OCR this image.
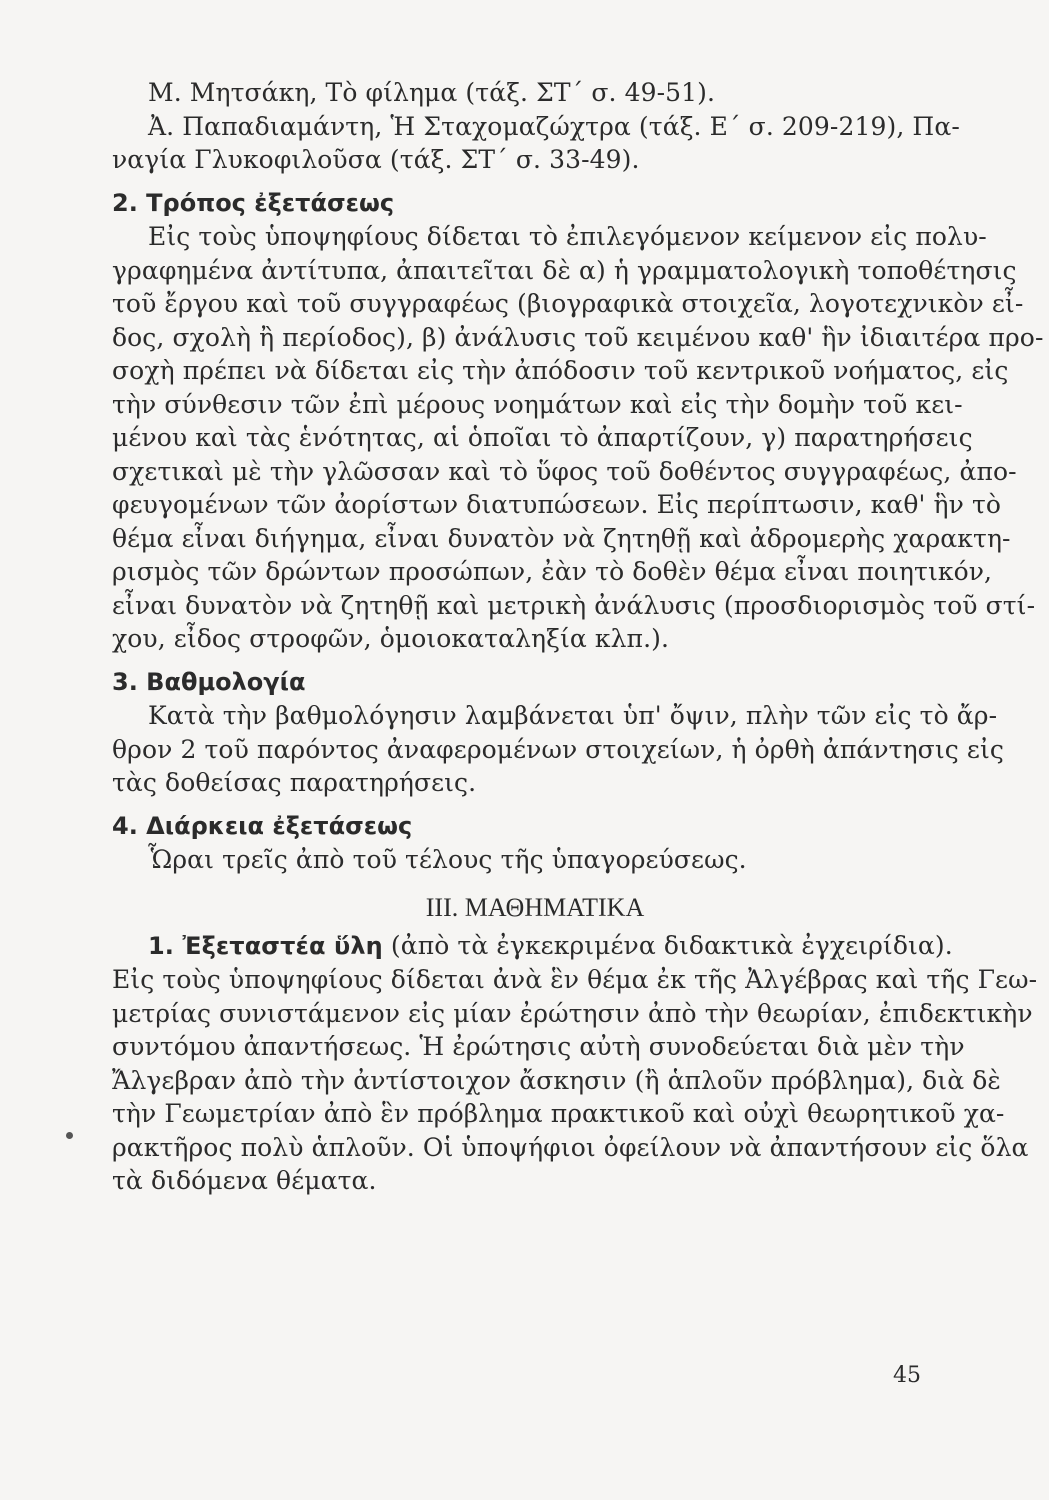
Μ. Μητσάκη, Τὸ φίλημα (τάξ. ΣΤ΄ σ. 49-51).
Ἀ. Παπαδιαμάντη, Ἡ Σταχομαζώχτρα (τάξ. Ε΄ σ. 209-219), Πα-
ναγία Γλυκοφιλοῦσα (τάξ. ΣΤ΄ σ. 33-49).
2. Τρόπος ἐξετάσεως
Εἰς τοὺς ὑποψηφίους δίδεται τὸ ἐπιλεγόμενον κείμενον εἰς πολυ-
γραφημένα ἀντίτυπα, ἀπαιτεῖται δὲ α) ἡ γραμματολογικὴ τοποθέτησις
τοῦ ἔργου καὶ τοῦ συγγραφέως (βιογραφικὰ στοιχεῖα, λογοτεχνικὸν εἶ-
δος, σχολὴ ἢ περίοδος), β) ἀνάλυσις τοῦ κειμένου καθ' ἣν ἰδιαιτέρα προ-
σοχὴ πρέπει νὰ δίδεται εἰς τὴν ἀπόδοσιν τοῦ κεντρικοῦ νοήματος, εἰς
τὴν σύνθεσιν τῶν ἐπὶ μέρους νοημάτων καὶ εἰς τὴν δομὴν τοῦ κει-
μένου καὶ τὰς ἑνότητας, αἱ ὁποῖαι τὸ ἀπαρτίζουν, γ) παρατηρήσεις
σχετικαὶ μὲ τὴν γλῶσσαν καὶ τὸ ὕφος τοῦ δοθέντος συγγραφέως, ἀπο-
φευγομένων τῶν ἀορίστων διατυπώσεων. Εἰς περίπτωσιν, καθ' ἣν τὸ
θέμα εἶναι διήγημα, εἶναι δυνατὸν νὰ ζητηθῇ καὶ ἀδρομερὴς χαρακτη-
ρισμὸς τῶν δρώντων προσώπων, ἐὰν τὸ δοθὲν θέμα εἶναι ποιητικόν,
εἶναι δυνατὸν νὰ ζητηθῇ καὶ μετρικὴ ἀνάλυσις (προσδιορισμὸς τοῦ στί-
χου, εἶδος στροφῶν, ὁμοιοκαταληξία κλπ.).
3. Βαθμολογία
Κατὰ τὴν βαθμολόγησιν λαμβάνεται ὑπ' ὄψιν, πλὴν τῶν εἰς τὸ ἄρ-
θρον 2 τοῦ παρόντος ἀναφερομένων στοιχείων, ἡ ὀρθὴ ἀπάντησις εἰς
τὰς δοθείσας παρατηρήσεις.
4. Διάρκεια ἐξετάσεως
Ὧραι τρεῖς ἀπὸ τοῦ τέλους τῆς ὑπαγορεύσεως.
III. ΜΑΘΗΜΑΤΙΚΑ
1. Ἐξεταστέα ὕλη (ἀπὸ τὰ ἐγκεκριμένα διδακτικὰ ἐγχειρίδια).
Εἰς τοὺς ὑποψηφίους δίδεται ἀνὰ ἓν θέμα ἐκ τῆς Ἀλγέβρας καὶ τῆς Γεω-
μετρίας συνιστάμενον εἰς μίαν ἐρώτησιν ἀπὸ τὴν θεωρίαν, ἐπιδεκτικὴν
συντόμου ἀπαντήσεως. Ἡ ἐρώτησις αὐτὴ συνοδεύεται διὰ μὲν τὴν
Ἄλγεβραν ἀπὸ τὴν ἀντίστοιχον ἄσκησιν (ἢ ἁπλοῦν πρόβλημα), διὰ δὲ
τὴν Γεωμετρίαν ἀπὸ ἓν πρόβλημα πρακτικοῦ καὶ οὐχὶ θεωρητικοῦ χα-
ρακτῆρος πολὺ ἁπλοῦν. Οἱ ὑποψήφιοι ὀφείλουν νὰ ἀπαντήσουν εἰς ὅλα
τὰ διδόμενα θέματα.
45
